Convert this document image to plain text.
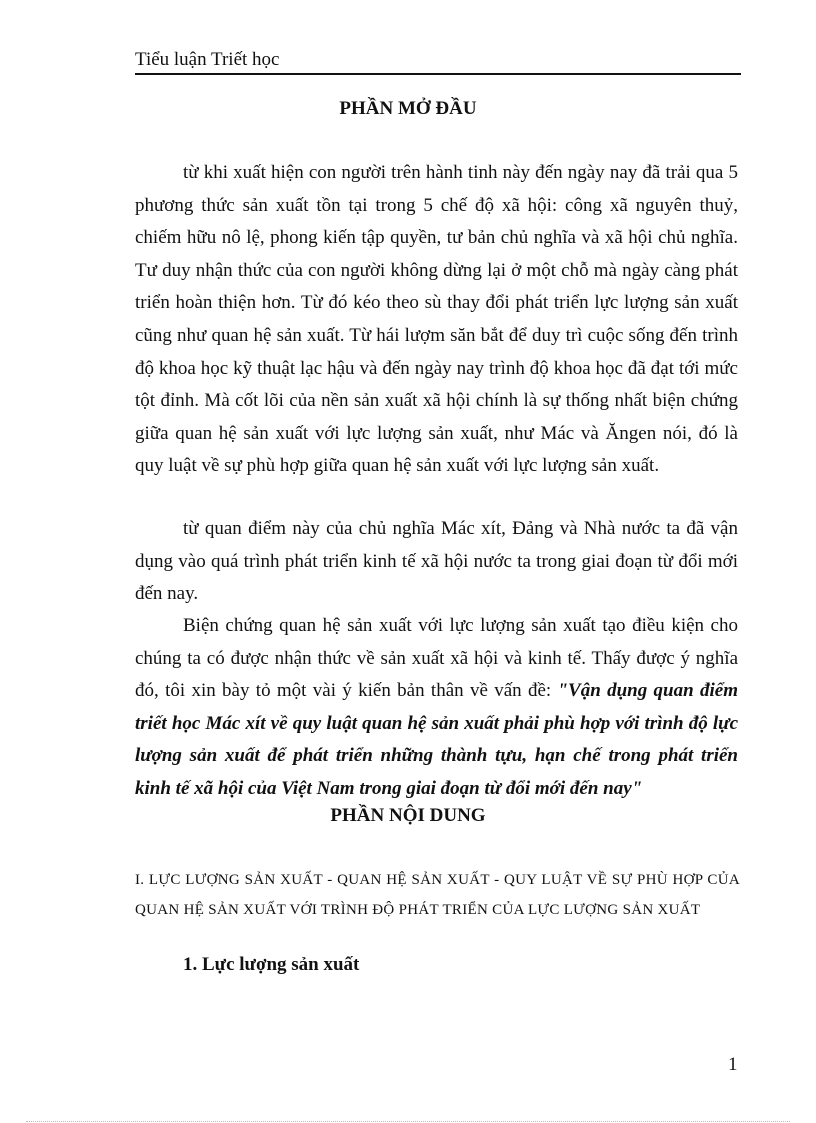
Tiểu luận Triết học
PHẦN MỞ ĐẦU

từ khi xuất hiện con người trên hành tinh này đến ngày nay đã trải qua 5 phương thức sản xuất tồn tại trong 5 chế độ xã hội: công xã nguyên thuỷ, chiếm hữu nô lệ, phong kiến tập quyền, tư bản chủ nghĩa và xã hội chủ nghĩa. Tư duy nhận thức của con người không dừng lại ở một chỗ mà ngày càng phát triển hoàn thiện hơn. Từ đó kéo theo sù thay đổi phát triển lực lượng sản xuất cũng như quan hệ sản xuất. Từ hái lượm săn bắt để duy trì cuộc sống đến trình độ khoa học kỹ thuật lạc hậu và đến ngày nay trình độ khoa học đã đạt tới mức tột đỉnh. Mà cốt lõi của nền sản xuất xã hội chính là sự thống nhất biện chứng giữa quan hệ sản xuất với lực lượng sản xuất, như Mác và Ăngen nói, đó là quy luật về sự phù hợp giữa quan hệ sản xuất với lực lượng sản xuất.

từ quan điểm này của chủ nghĩa Mác xít, Đảng và Nhà nước ta đã vận dụng vào quá trình phát triển kinh tế xã hội nước ta trong giai đoạn từ đổi mới đến nay.

Biện chứng quan hệ sản xuất với lực lượng sản xuất tạo điều kiện cho chúng ta có được nhận thức về sản xuất xã hội và kinh tế. Thấy được ý nghĩa đó, tôi xin bày tỏ một vài ý kiến bản thân về vấn đề: "Vận dụng quan điểm triết học Mác xít về quy luật quan hệ sản xuất phải phù hợp với trình độ lực lượng sản xuất để phát triển những thành tựu, hạn chế trong phát triển kinh tế xã hội của Việt Nam trong giai đoạn từ đổi mới đến nay"

PHẦN NỘI DUNG

I. LỰC LƯỢNG SẢN XUẤT - QUAN HỆ SẢN XUẤT - QUY LUẬT VỀ SỰ PHÙ HỢP CỦA QUAN HỆ SẢN XUẤT VỚI TRÌNH ĐỘ PHÁT TRIỂN CỦA LỰC LƯỢNG SẢN XUẤT

1. Lực lượng sản xuất
1
